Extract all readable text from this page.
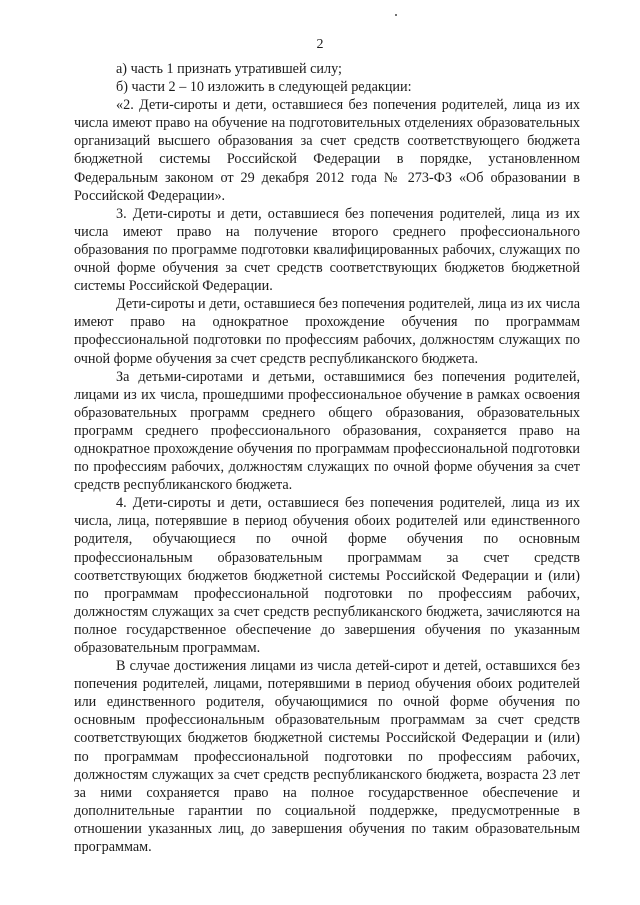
2

а) часть 1 признать утратившей силу;

б) части 2 – 10 изложить в следующей редакции:

«2. Дети-сироты и дети, оставшиеся без попечения родителей, лица из их числа имеют право на обучение на подготовительных отделениях образовательных организаций высшего образования за счет средств соответствующего бюджета бюджетной системы Российской Федерации в порядке, установленном Федеральным законом от 29 декабря 2012 года № 273-ФЗ «Об образовании в Российской Федерации».

3. Дети-сироты и дети, оставшиеся без попечения родителей, лица из их числа имеют право на получение второго среднего профессионального образования по программе подготовки квалифицированных рабочих, служащих по очной форме обучения за счет средств соответствующих бюджетов бюджетной системы Российской Федерации.

Дети-сироты и дети, оставшиеся без попечения родителей, лица из их числа имеют право на однократное прохождение обучения по программам профессиональной подготовки по профессиям рабочих, должностям служащих по очной форме обучения за счет средств республиканского бюджета.

За детьми-сиротами и детьми, оставшимися без попечения родителей, лицами из их числа, прошедшими профессиональное обучение в рамках освоения образовательных программ среднего общего образования, образовательных программ среднего профессионального образования, сохраняется право на однократное прохождение обучения по программам профессиональной подготовки по профессиям рабочих, должностям служащих по очной форме обучения за счет средств республиканского бюджета.

4. Дети-сироты и дети, оставшиеся без попечения родителей, лица из их числа, лица, потерявшие в период обучения обоих родителей или единственного родителя, обучающиеся по очной форме обучения по основным профессиональным образовательным программам за счет средств соответствующих бюджетов бюджетной системы Российской Федерации и (или) по программам профессиональной подготовки по профессиям рабочих, должностям служащих за счет средств республиканского бюджета, зачисляются на полное государственное обеспечение до завершения обучения по указанным образовательным программам.

В случае достижения лицами из числа детей-сирот и детей, оставшихся без попечения родителей, лицами, потерявшими в период обучения обоих родителей или единственного родителя, обучающимися по очной форме обучения по основным профессиональным образовательным программам за счет средств соответствующих бюджетов бюджетной системы Российской Федерации и (или) по программам профессиональной подготовки по профессиям рабочих, должностям служащих за счет средств республиканского бюджета, возраста 23 лет за ними сохраняется право на полное государственное обеспечение и дополнительные гарантии по социальной поддержке, предусмотренные в отношении указанных лиц, до завершения обучения по таким образовательным программам.
